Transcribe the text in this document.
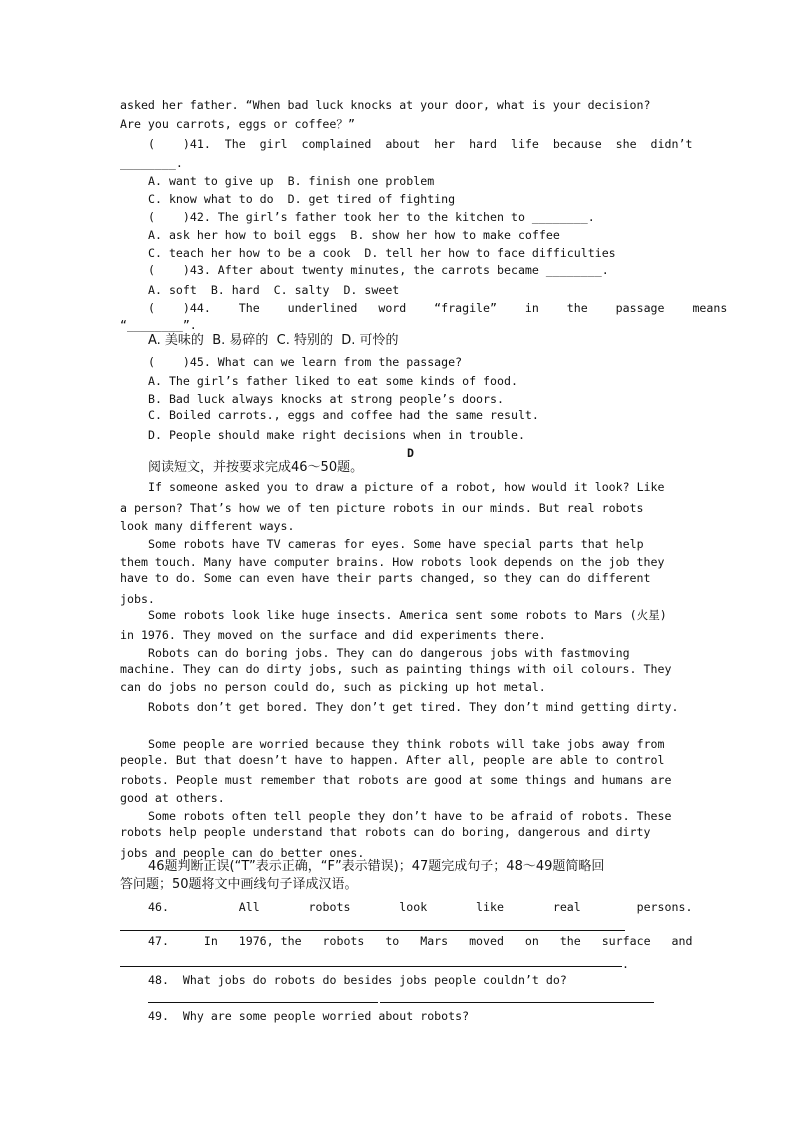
asked her father. “When bad luck knocks at your door, what is your decision?
Are you carrots, eggs or coffee？”
(    )41.  The  girl  complained  about  her  hard  life  because  she  didn’t
________.
A. want to give up  B. finish one problem
C. know what to do  D. get tired of fighting
(    )42. The girl’s father took her to the kitchen to ________.
A. ask her how to boil eggs  B. show her how to make coffee
C. teach her how to be a cook  D. tell her how to face difficulties
(    )43. After about twenty minutes, the carrots became ________.
A. soft  B. hard  C. salty  D. sweet
(    )44.    The    underlined   word    “fragile”    in    the    passage    means
“________”.
A. 美味的  B. 易碎的  C. 特别的  D. 可怜的
(    )45. What can we learn from the passage?
A. The girl’s father liked to eat some kinds of food.
B. Bad luck always knocks at strong people’s doors.
C. Boiled carrots., eggs and coffee had the same result.
D. People should make right decisions when in trouble.
D
阅读短文，并按要求完成46～50题。
If someone asked you to draw a picture of a robot, how would it look? Like
a person? That’s how we of ten picture robots in our minds. But real robots
look many different ways.
Some robots have TV cameras for eyes. Some have special parts that help
them touch. Many have computer brains. How robots look depends on the job they
have to do. Some can even have their parts changed, so they can do different
jobs.
Some robots look like huge insects. America sent some robots to Mars (火星)
in 1976. They moved on the surface and did experiments there.
Robots can do boring jobs. They can do dangerous jobs with fastmoving
machine. They can do dirty jobs, such as painting things with oil colours. They
can do jobs no person could do, such as picking up hot metal.
Robots don’t get bored. They don’t get tired. They don’t mind getting dirty.
Some people are worried because they think robots will take jobs away from
people. But that doesn’t have to happen. After all, people are able to control
robots. People must remember that robots are good at some things and humans are
good at others.
Some robots often tell people they don’t have to be afraid of robots. These
robots help people understand that robots can do boring, dangerous and dirty
jobs and people can do better ones.
46题判断正误(“T”表示正确，“F”表示错误)；47题完成句子；48～49题简略回
答问题；50题将文中画线句子译成汉语。
46.          All       robots       look       like       real        persons.
47.     In   1976, the   robots   to   Mars   moved   on   the   surface   and
.
48.  What jobs do robots do besides jobs people couldn’t do?
49.  Why are some people worried about robots?
